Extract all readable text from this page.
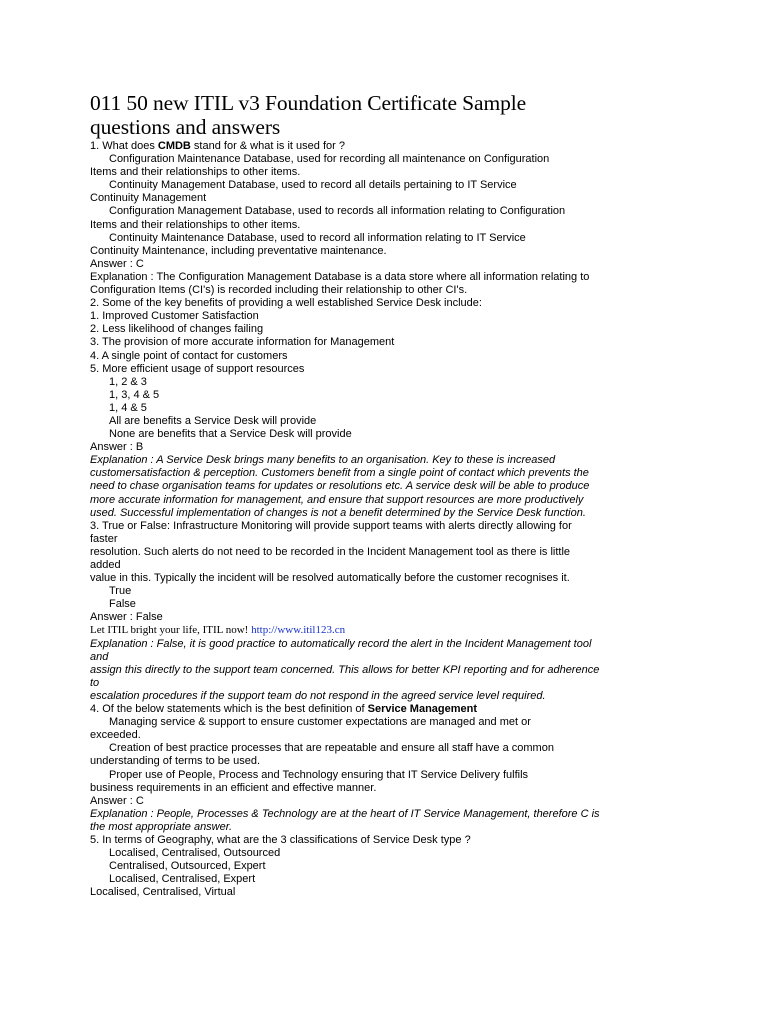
011 50 new ITIL v3 Foundation Certificate Sample
questions and answers
1. What does CMDB stand for & what is it used for ?
Configuration Maintenance Database, used for recording all maintenance on Configuration
Items and their relationships to other items.
Continuity Management Database, used to record all details pertaining to IT Service
Continuity Management
Configuration Management Database, used to records all information relating to Configuration
Items and their relationships to other items.
Continuity Maintenance Database, used to record all information relating to IT Service
Continuity Maintenance, including preventative maintenance.
Answer : C
Explanation : The Configuration Management Database is a data store where all information relating to
Configuration Items (CI's) is recorded including their relationship to other CI's.
2. Some of the key benefits of providing a well established Service Desk include:
1. Improved Customer Satisfaction
2. Less likelihood of changes failing
3. The provision of more accurate information for Management
4. A single point of contact for customers
5. More efficient usage of support resources
1, 2 & 3
1, 3, 4 & 5
1, 4 & 5
All are benefits a Service Desk will provide
None are benefits that a Service Desk will provide
Answer : B
Explanation : A Service Desk brings many benefits to an organisation. Key to these is increased
customersatisfaction & perception. Customers benefit from a single point of contact which prevents the
need to chase organisation teams for updates or resolutions etc. A service desk will be able to produce
more accurate information for management, and ensure that support resources are more productively
used. Successful implementation of changes is not a benefit determined by the Service Desk function.
3. True or False: Infrastructure Monitoring will provide support teams with alerts directly allowing for
faster
resolution. Such alerts do not need to be recorded in the Incident Management tool as there is little
added
value in this. Typically the incident will be resolved automatically before the customer recognises it.
True
False
Answer : False
Let ITIL bright your life, ITIL now! http://www.itil123.cn
Explanation : False, it is good practice to automatically record the alert in the Incident Management tool
and
assign this directly to the support team concerned. This allows for better KPI reporting and for adherence
to
escalation procedures if the support team do not respond in the agreed service level required.
4. Of the below statements which is the best definition of Service Management
Managing service & support to ensure customer expectations are managed and met or
exceeded.
Creation of best practice processes that are repeatable and ensure all staff have a common
understanding of terms to be used.
Proper use of People, Process and Technology ensuring that IT Service Delivery fulfils
business requirements in an efficient and effective manner.
Answer : C
Explanation : People, Processes & Technology are at the heart of IT Service Management, therefore C is
the most appropriate answer.
5. In terms of Geography, what are the 3 classifications of Service Desk type ?
Localised, Centralised, Outsourced
Centralised, Outsourced, Expert
Localised, Centralised, Expert
Localised, Centralised, Virtual
